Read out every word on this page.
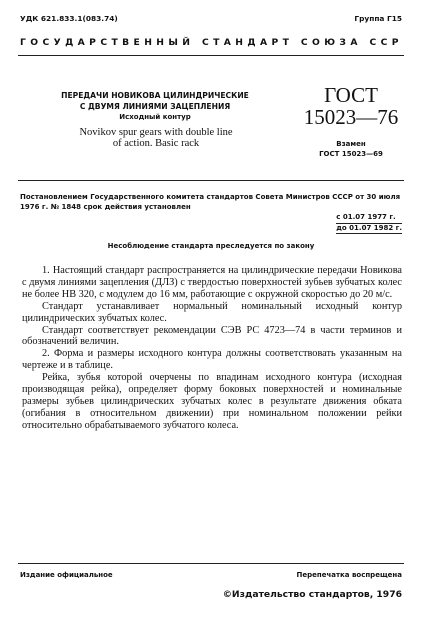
УДК 621.833.1(083.74)	Группа Г15
ГОСУДАРСТВЕННЫЙ СТАНДАРТ СОЮЗА ССР
ПЕРЕДАЧИ НОВИКОВА ЦИЛИНДРИЧЕСКИЕ
С ДВУМЯ ЛИНИЯМИ ЗАЦЕПЛЕНИЯ

Исходный контур
Novikov spur gears with double line
of action. Basic rack
ГОСТ
15023—76
Взамен
ГОСТ 15023—69
Постановлением Государственного комитета стандартов Совета Министров СССР от 30 июля 1976 г. № 1848 срок действия установлен
с 01.07 1977 г.
до 01.07 1982 г.
Несоблюдение стандарта преследуется по закону

1. Настоящий стандарт распространяется на цилиндрические передачи Новикова с двумя линиями зацепления (ДЛЗ) с твердостью поверхностей зубьев зубчатых колес не более НВ 320, с модулем до 16 мм, работающие с окружной скоростью до 20 м/с.

Стандарт устанавливает нормальный номинальный исходный контур цилиндрических зубчатых колес.

Стандарт соответствует рекомендации СЭВ РС 4723—74 в части терминов и обозначений величин.

2. Форма и размеры исходного контура должны соответствовать указанным на чертеже и в таблице.

Рейка, зубья которой очерчены по впадинам исходного контура (исходная производящая рейка), определяет форму боковых поверхностей и номинальные размеры зубьев цилиндрических зубчатых колес в результате движения обката (огибания в относительном движении) при номинальном положении рейки относительно обрабатываемого зубчатого колеса.

Издание официальное	Перепечатка воспрещена
©Издательство стандартов, 1976
